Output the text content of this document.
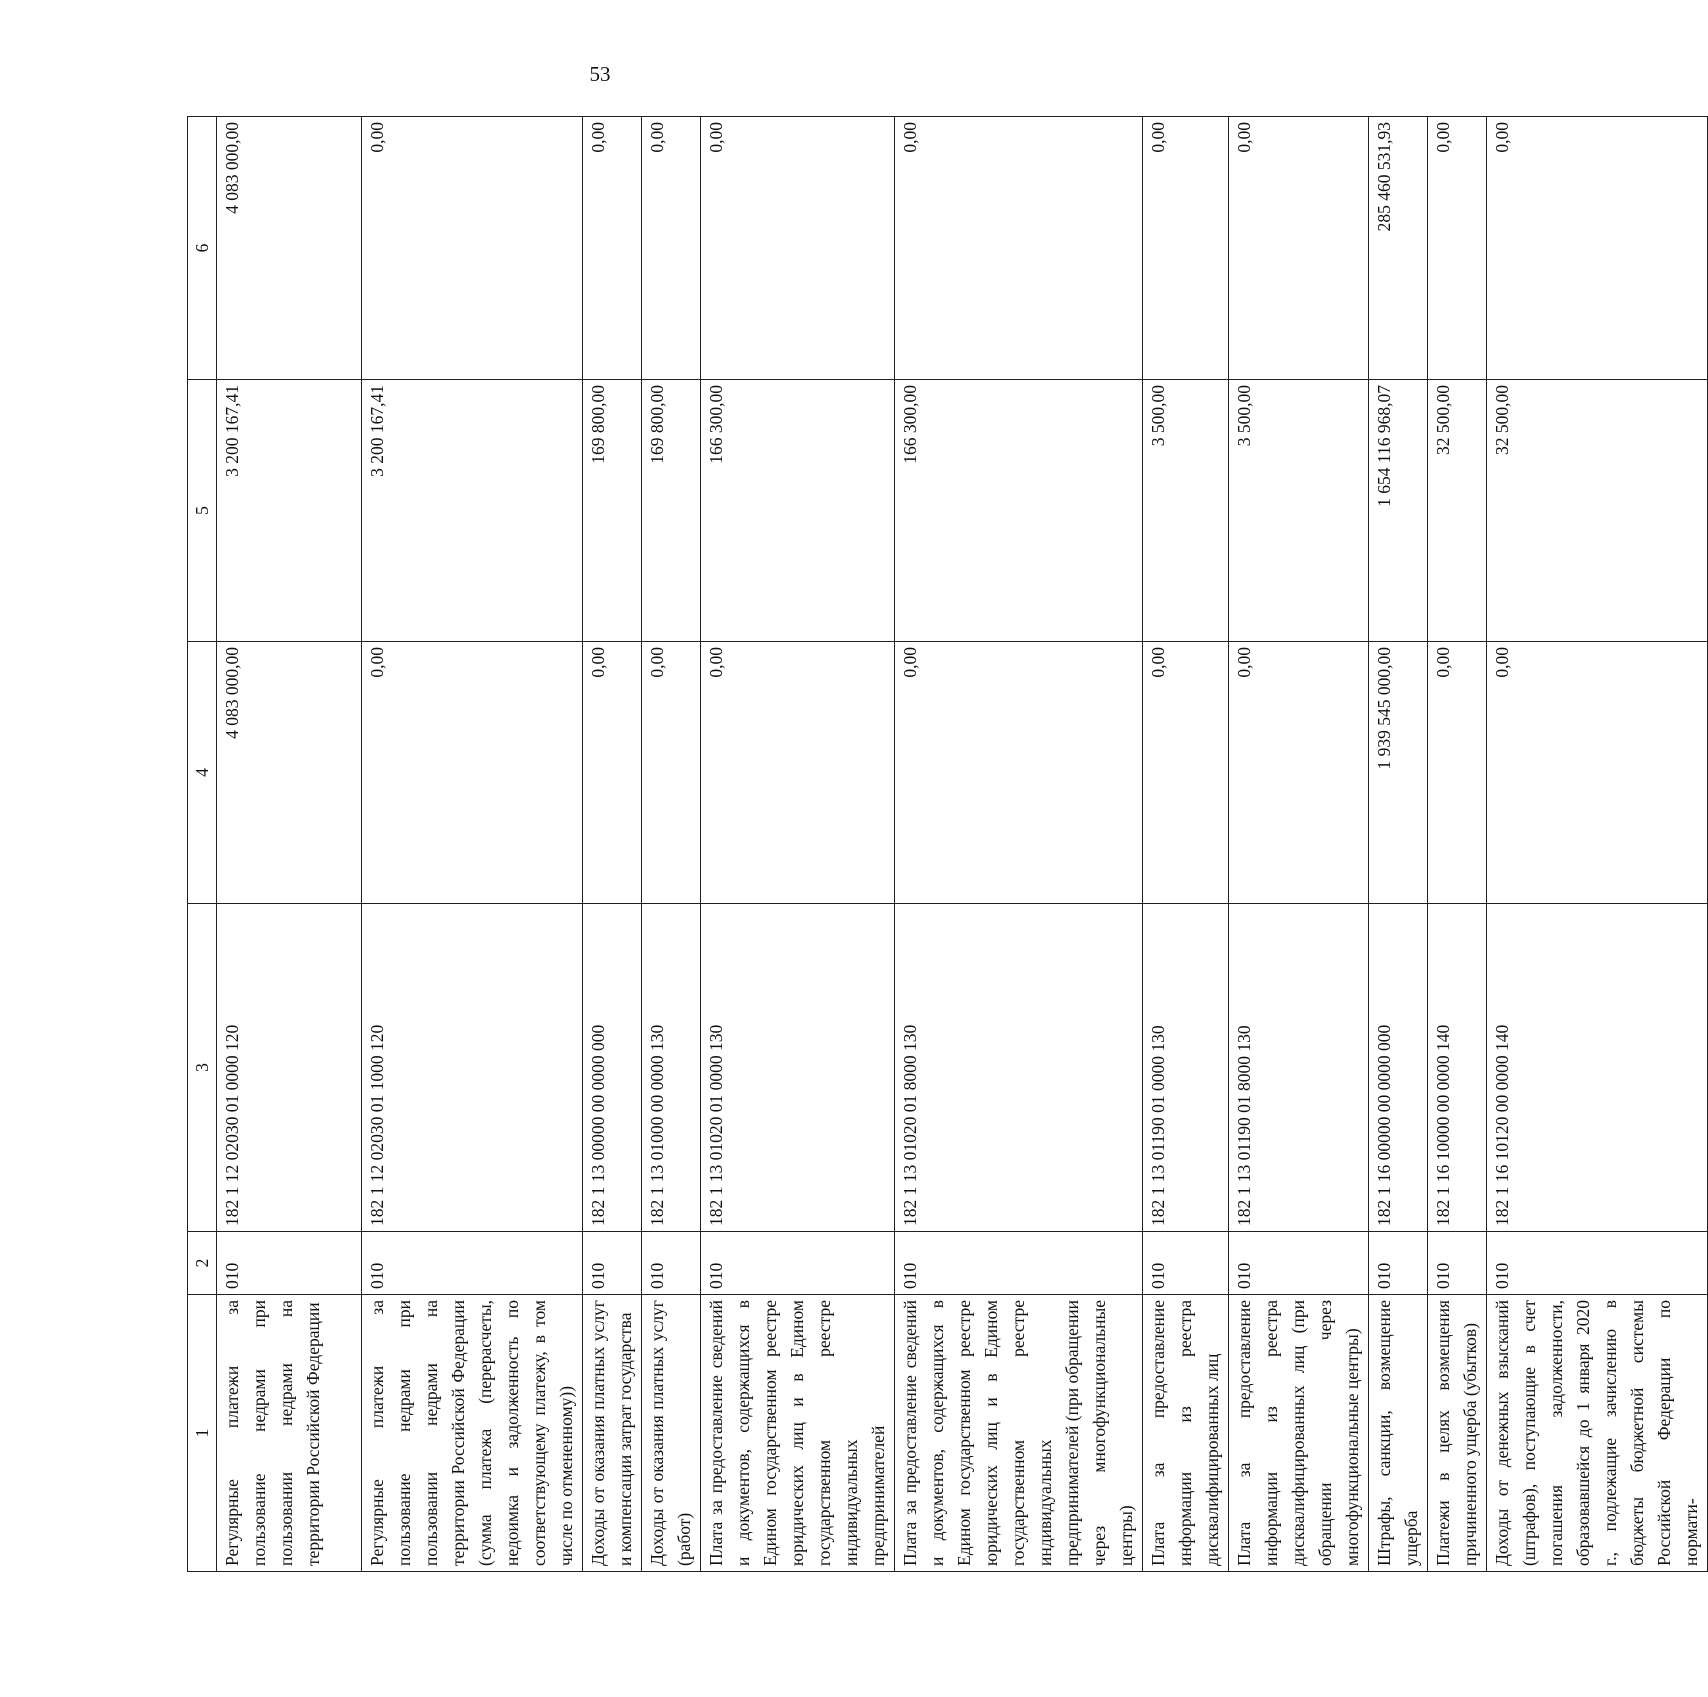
53
1	2	3	4	5	6
Регулярные платежи за пользование недрами при пользовании недрами на территории Российской Федерации	010	182 1 12 02030 01 0000 120	4 083 000,00	3 200 167,41	4 083 000,00
Регулярные платежи за пользование недрами при пользовании недрами на территории Российской Федерации (сумма платежа (перерасчеты, недоимка и задолженность по соответствующему платежу, в том числе по отмененному))	010	182 1 12 02030 01 1000 120	0,00	3 200 167,41	0,00
Доходы от оказания платных услуг и компенсации затрат государства	010	182 1 13 00000 00 0000 000	0,00	169 800,00	0,00
Доходы от оказания платных услуг (работ)	010	182 1 13 01000 00 0000 130	0,00	169 800,00	0,00
Плата за предоставление сведений и документов, содержащихся в Едином государственном реестре юридических лиц и в Едином государственном реестре индивидуальных предпринимателей	010	182 1 13 01020 01 0000 130	0,00	166 300,00	0,00
Плата за предоставление сведений и документов, содержащихся в Едином государственном реестре юридических лиц и в Едином государственном реестре индивидуальных предпринимателей (при обращении через многофункциональные центры)	010	182 1 13 01020 01 8000 130	0,00	166 300,00	0,00
Плата за предоставление информации из реестра дисквалифицированных лиц	010	182 1 13 01190 01 0000 130	0,00	3 500,00	0,00
Плата за предоставление информации из реестра дисквалифицированных лиц (при обращении через многофункциональные центры)	010	182 1 13 01190 01 8000 130	0,00	3 500,00	0,00
Штрафы, санкции, возмещение ущерба	010	182 1 16 00000 00 0000 000	1 939 545 000,00	1 654 116 968,07	285 460 531,93
Платежи в целях возмещения причиненного ущерба (убытков)	010	182 1 16 10000 00 0000 140	0,00	32 500,00	0,00
Доходы от денежных взысканий (штрафов), поступающие в счет погашения задолженности, образовавшейся до 1 января 2020 г., подлежащие зачислению в бюджеты бюджетной системы Российской Федерации по нормати-	010	182 1 16 10120 00 0000 140	0,00	32 500,00	0,00
